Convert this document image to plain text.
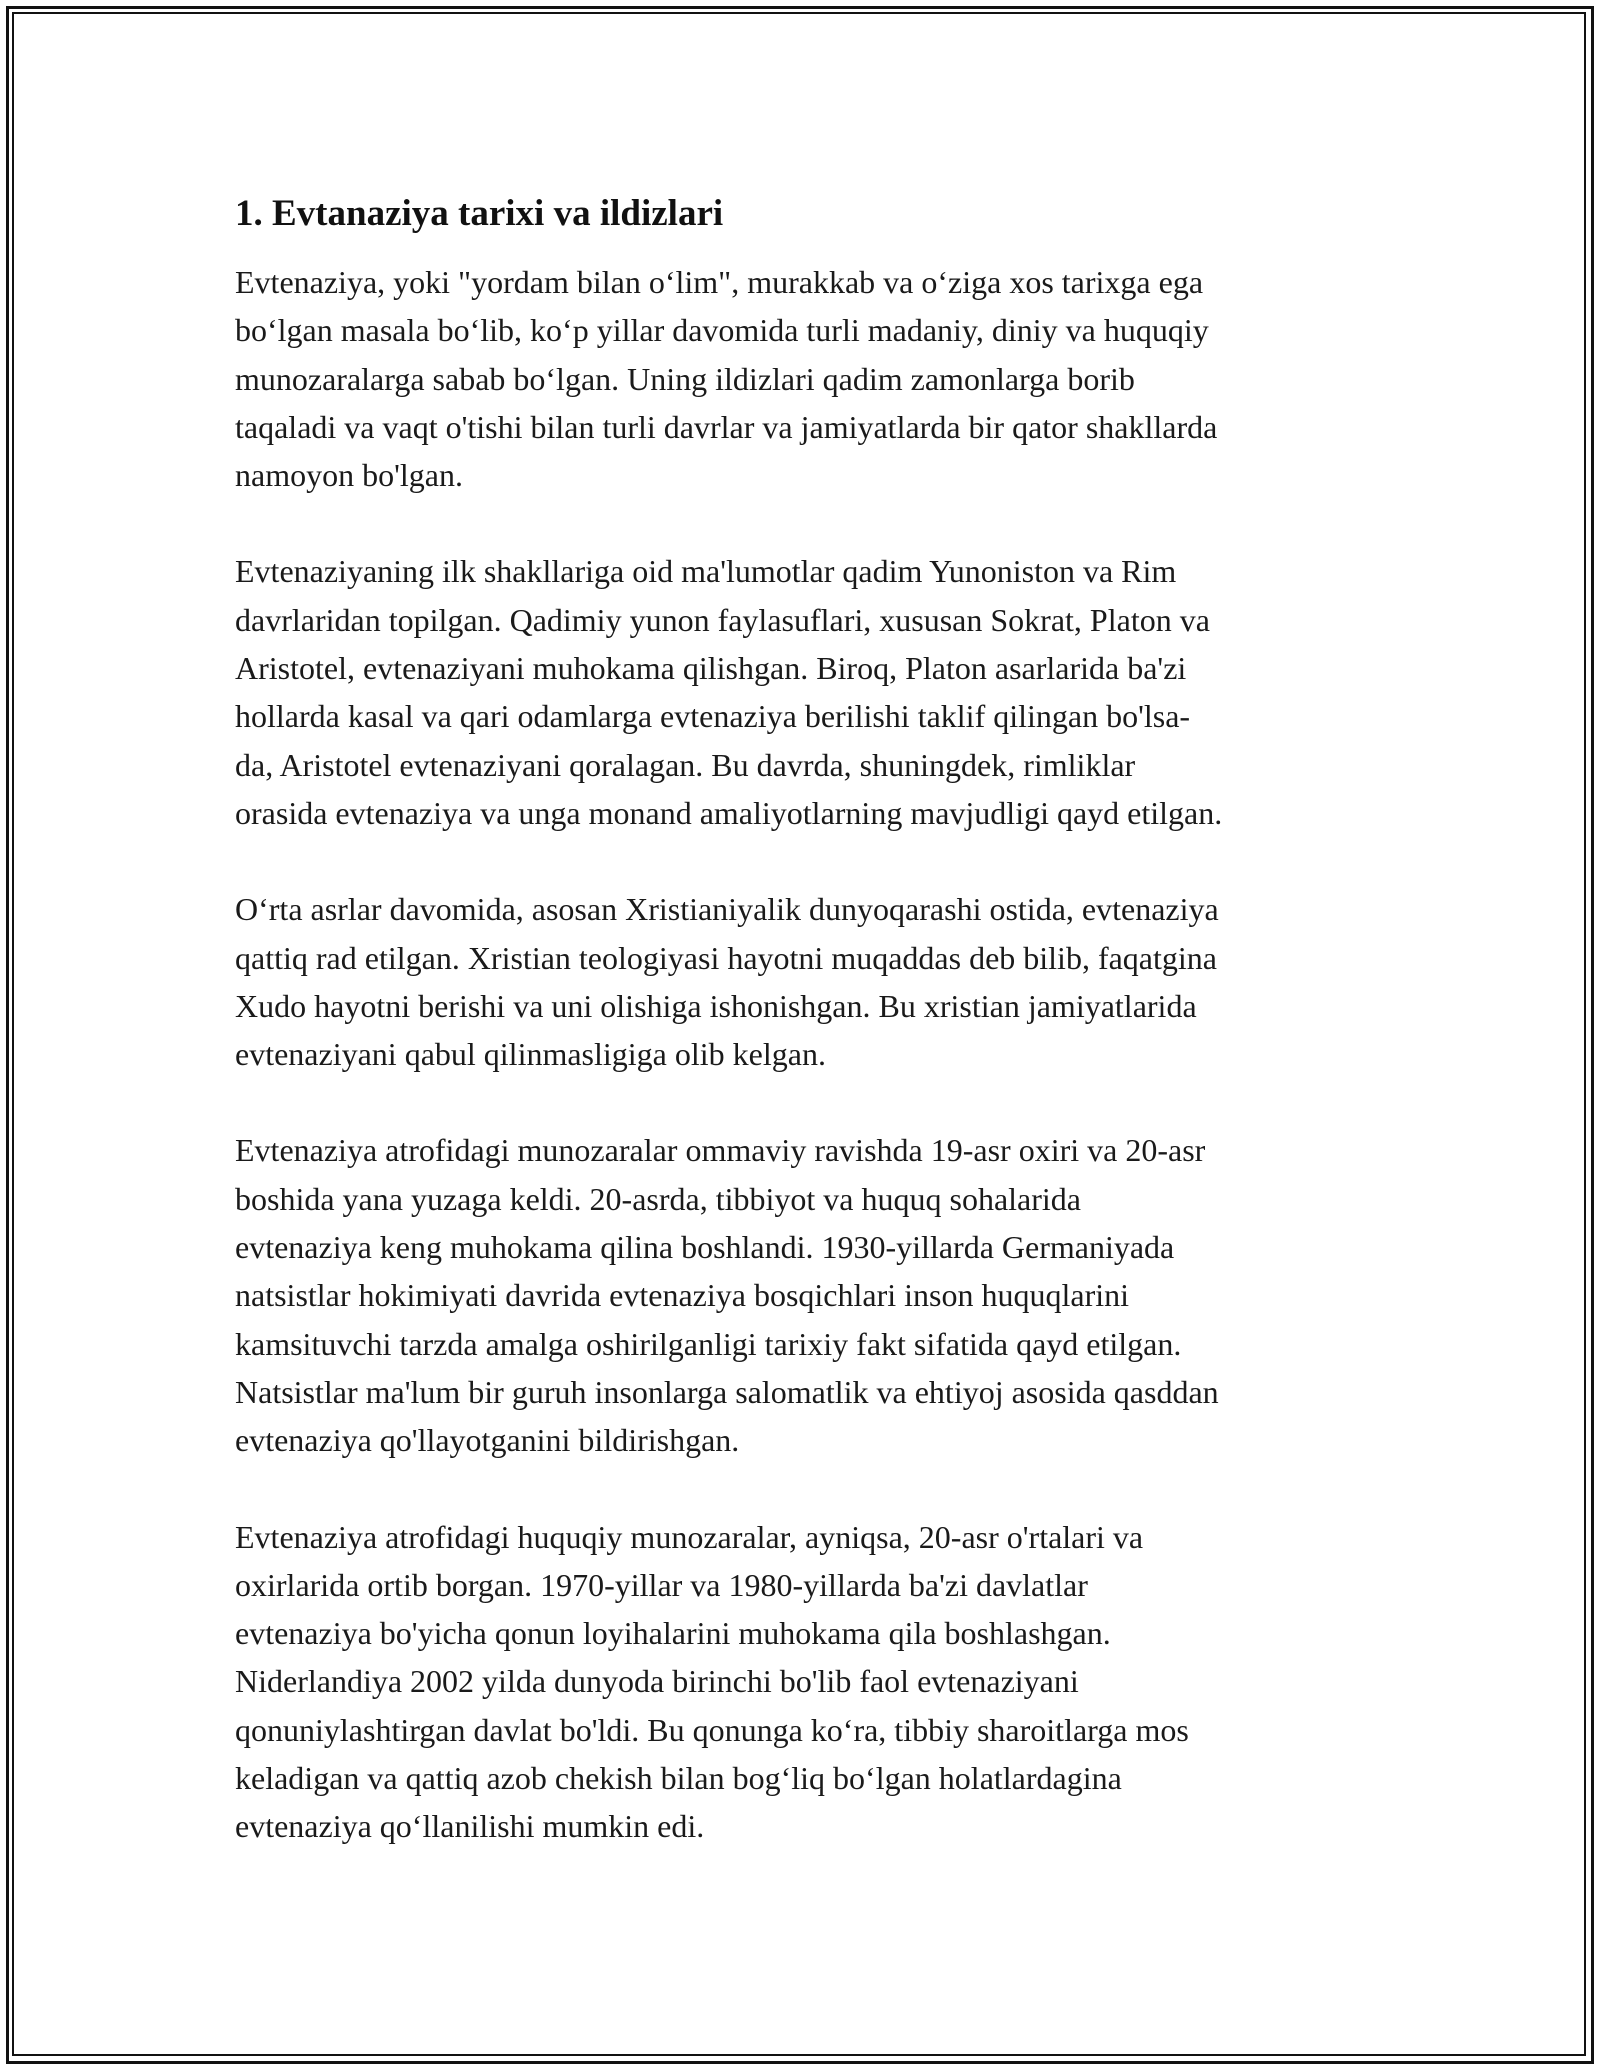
1. Evtanaziya tarixi va ildizlari

Evtenaziya, yoki "yordam bilan o‘lim", murakkab va o‘ziga xos tarixga ega
bo‘lgan masala bo‘lib, ko‘p yillar davomida turli madaniy, diniy va huquqiy
munozaralarga sabab bo‘lgan. Uning ildizlari qadim zamonlarga borib
taqaladi va vaqt o'tishi bilan turli davrlar va jamiyatlarda bir qator shakllarda
namoyon bo'lgan.

Evtenaziyaning ilk shakllariga oid ma'lumotlar qadim Yunoniston va Rim
davrlaridan topilgan. Qadimiy yunon faylasuflari, xususan Sokrat, Platon va
Aristotel, evtenaziyani muhokama qilishgan. Biroq, Platon asarlarida ba'zi
hollarda kasal va qari odamlarga evtenaziya berilishi taklif qilingan bo'lsa-
da, Aristotel evtenaziyani qoralagan. Bu davrda, shuningdek, rimliklar
orasida evtenaziya va unga monand amaliyotlarning mavjudligi qayd etilgan.

O‘rta asrlar davomida, asosan Xristianiyalik dunyoqarashi ostida, evtenaziya
qattiq rad etilgan. Xristian teologiyasi hayotni muqaddas deb bilib, faqatgina
Xudo hayotni berishi va uni olishiga ishonishgan. Bu xristian jamiyatlarida
evtenaziyani qabul qilinmasligiga olib kelgan.

Evtenaziya atrofidagi munozaralar ommaviy ravishda 19-asr oxiri va 20-asr
boshida yana yuzaga keldi. 20-asrda, tibbiyot va huquq sohalarida
evtenaziya keng muhokama qilina boshlandi. 1930-yillarda Germaniyada
natsistlar hokimiyati davrida evtenaziya bosqichlari inson huquqlarini
kamsituvchi tarzda amalga oshirilganligi tarixiy fakt sifatida qayd etilgan.
Natsistlar ma'lum bir guruh insonlarga salomatlik va ehtiyoj asosida qasddan
evtenaziya qo'llayotganini bildirishgan.

Evtenaziya atrofidagi huquqiy munozaralar, ayniqsa, 20-asr o'rtalari va
oxirlarida ortib borgan. 1970-yillar va 1980-yillarda ba'zi davlatlar
evtenaziya bo'yicha qonun loyihalarini muhokama qila boshlashgan.
Niderlandiya 2002 yilda dunyoda birinchi bo'lib faol evtenaziyani
qonuniylashtirgan davlat bo'ldi. Bu qonunga ko‘ra, tibbiy sharoitlarga mos
keladigan va qattiq azob chekish bilan bog‘liq bo‘lgan holatlardagina
evtenaziya qo‘llanilishi mumkin edi.
